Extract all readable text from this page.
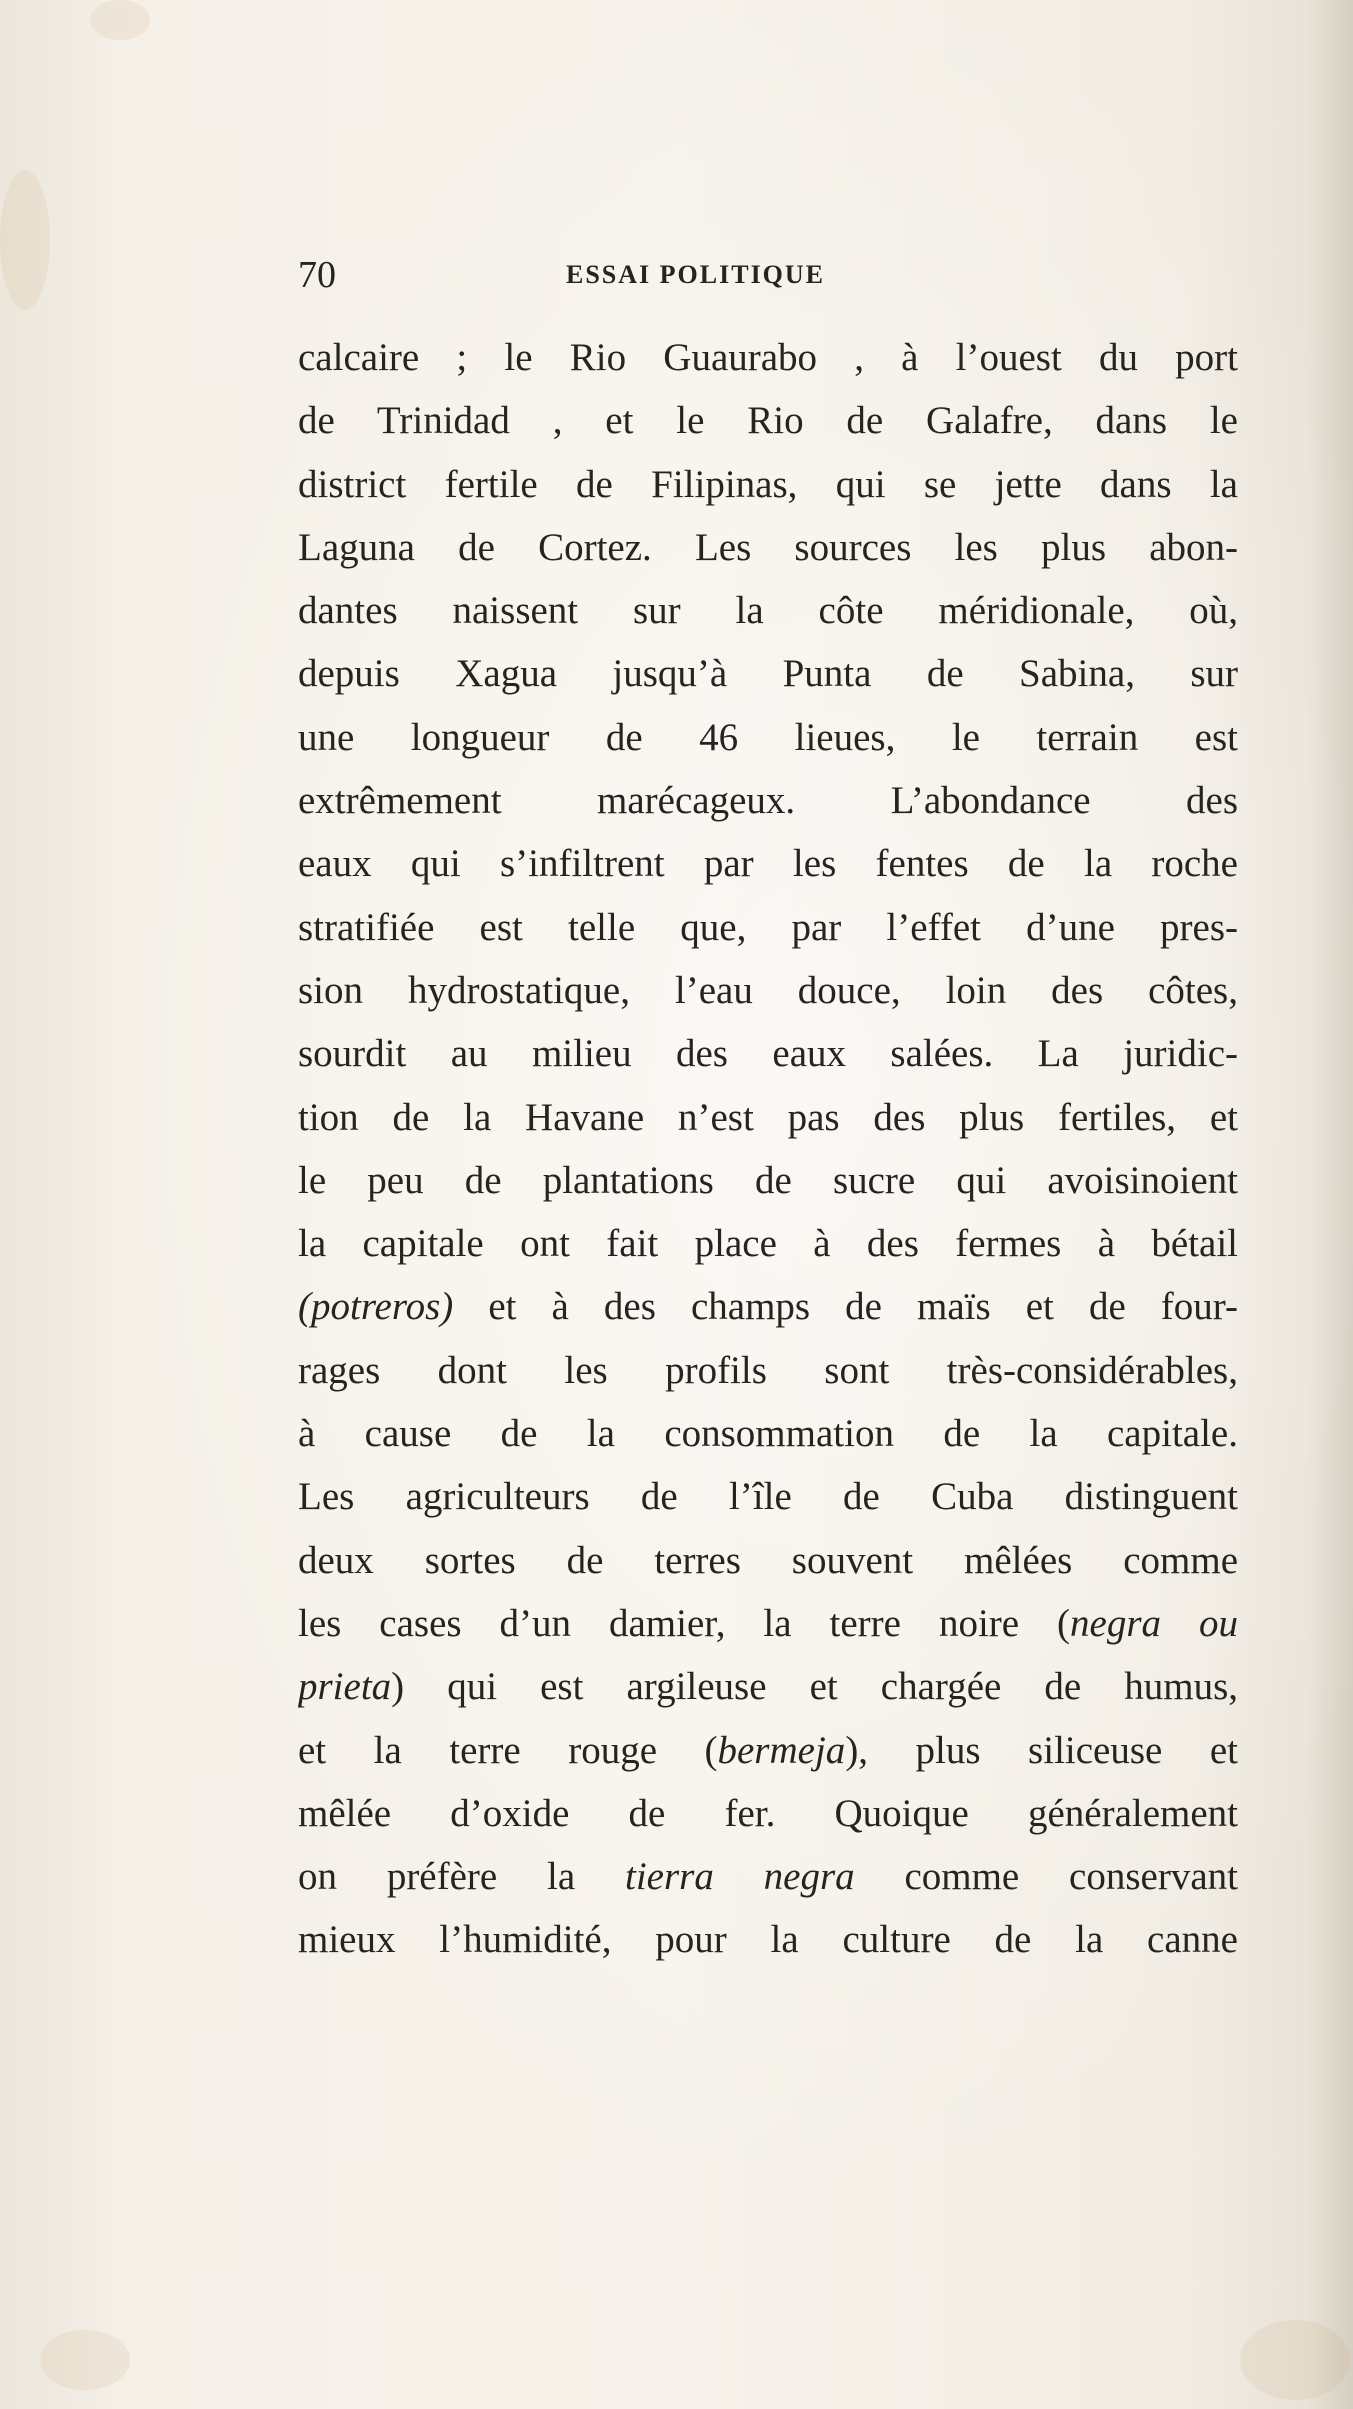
70	ESSAI POLITIQUE
calcaire ; le Rio Guaurabo , à l’ouest du port
de Trinidad , et le Rio de Galafre, dans le
district fertile de Filipinas, qui se jette dans la
Laguna de Cortez. Les sources les plus abon-
dantes naissent sur la côte méridionale, où,
depuis Xagua jusqu’à Punta de Sabina, sur
une longueur de 46 lieues, le terrain est
extrêmement marécageux. L’abondance des
eaux qui s’infiltrent par les fentes de la roche
stratifiée est telle que, par l’effet d’une pres-
sion hydrostatique, l’eau douce, loin des côtes,
sourdit au milieu des eaux salées. La juridic-
tion de la Havane n’est pas des plus fertiles, et
le peu de plantations de sucre qui avoisinoient
la capitale ont fait place à des fermes à bétail
(potreros) et à des champs de maïs et de four-
rages dont les profils sont très-considérables,
à cause de la consommation de la capitale.
Les agriculteurs de l’île de Cuba distinguent
deux sortes de terres souvent mêlées comme
les cases d’un damier, la terre noire (negra ou
prieta) qui est argileuse et chargée de humus,
et la terre rouge (bermeja), plus siliceuse et
mêlée d’oxide de fer. Quoique généralement
on préfère la tierra negra comme conservant
mieux l’humidité, pour la culture de la canne
